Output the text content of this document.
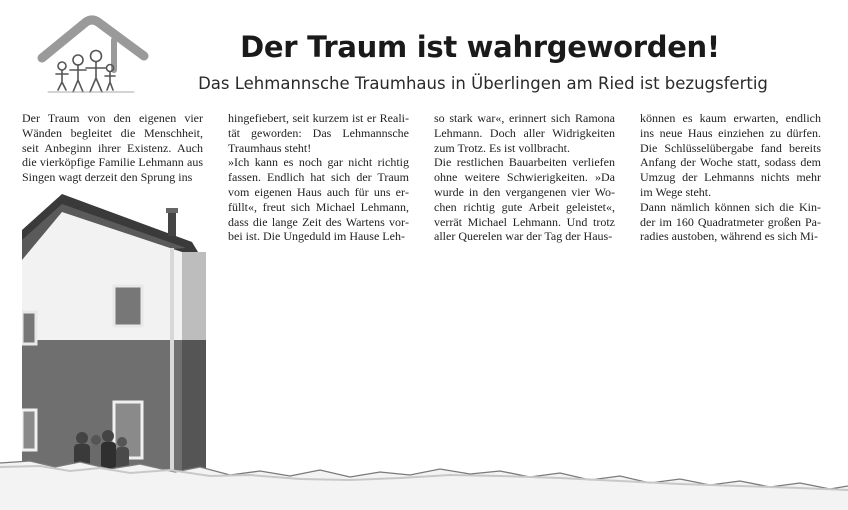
Der Traum ist wahrgeworden!
Das Lehmannsche Traumhaus in Überlingen am Ried ist bezugsfertig

Der Traum von den eigenen vier Wänden begleitet die Menschheit, seit Anbeginn ihrer Existenz. Auch die vierköpfige Familie Lehmann aus Singen wagt derzeit den Sprung ins

hingefiebert, seit kurzem ist er Realität geworden: Das Lehmannsche Traumhaus steht!

»Ich kann es noch gar nicht richtig fassen. Endlich hat sich der Traum vom eigenen Haus auch für uns erfüllt«, freut sich Michael Lehmann, dass die lange Zeit des Wartens vorbei ist. Die Ungeduld im Hause Leh-

so stark war«, erinnert sich Ramona Lehmann. Doch aller Widrigkeiten zum Trotz. Es ist vollbracht.

Die restlichen Bauarbeiten verliefen ohne weitere Schwierigkeiten. »Da wurde in den vergangenen vier Wochen richtig gute Arbeit geleistet«, verrät Michael Lehmann. Und trotz aller Querelen war der Tag der Haus-

können es kaum erwarten, endlich ins neue Haus einziehen zu dürfen. Die Schlüsselübergabe fand bereits Anfang der Woche statt, sodass dem Umzug der Lehmanns nichts mehr im Wege steht.

Dann nämlich können sich die Kinder im 160 Quadratmeter großen Paradies austoben, während es sich Mi-
